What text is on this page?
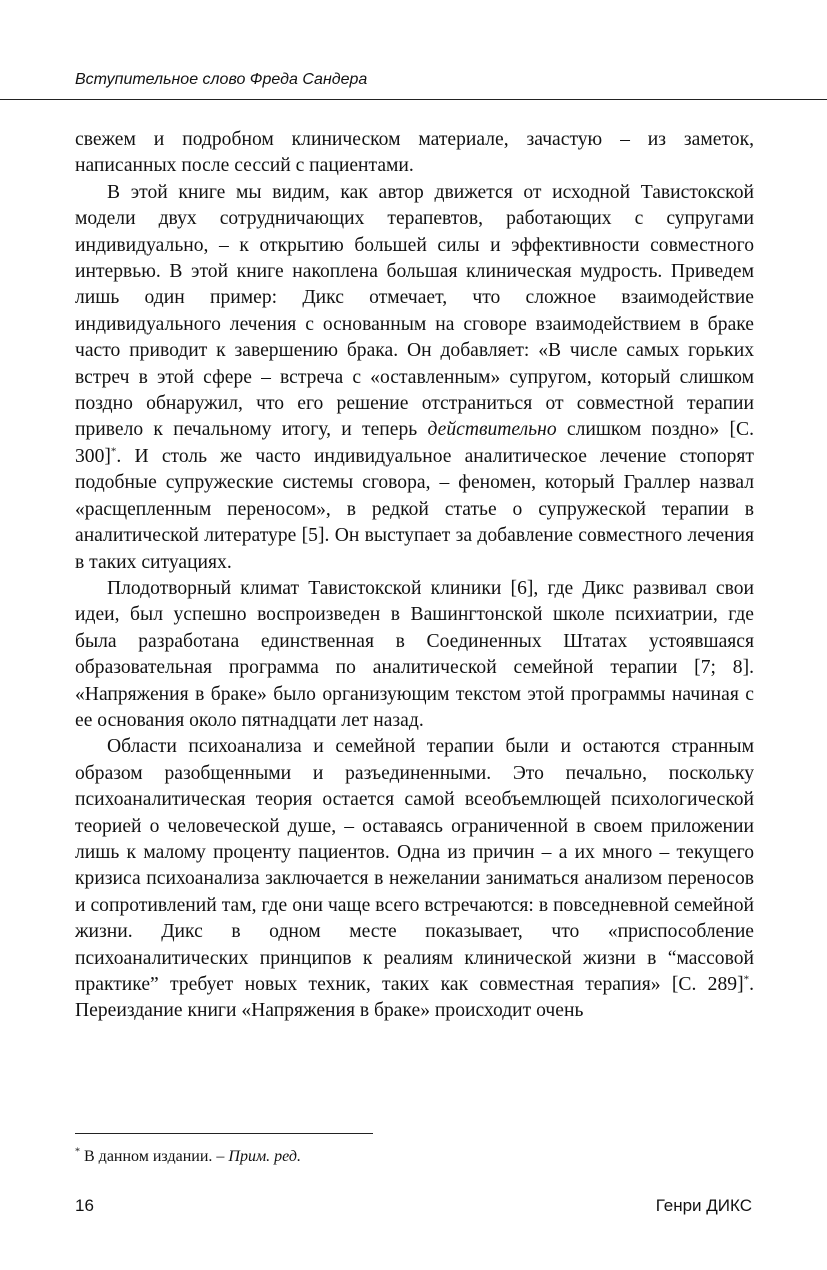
Вступительное слово Фреда Сандера

свежем и подробном клиническом материале, зачастую – из заметок, написанных после сессий с пациентами.

В этой книге мы видим, как автор движется от исходной Тавистокской модели двух сотрудничающих терапевтов, работающих с супругами индивидуально, – к открытию большей силы и эффективности совместного интервью. В этой книге накоплена большая клиническая мудрость. Приведем лишь один пример: Дикс отмечает, что сложное взаимодействие индивидуального лечения с основанным на сговоре взаимодействием в браке часто приводит к завершению брака. Он добавляет: «В числе самых горьких встреч в этой сфере – встреча с «оставленным» супругом, который слишком поздно обнаружил, что его решение отстраниться от совместной терапии привело к печальному итогу, и теперь действительно слишком поздно» [С. 300]*. И столь же часто индивидуальное аналитическое лечение стопорят подобные супружеские системы сговора, – феномен, который Граллер назвал «расщепленным переносом», в редкой статье о супружеской терапии в аналитической литературе [5]. Он выступает за добавление совместного лечения в таких ситуациях.

Плодотворный климат Тавистокской клиники [6], где Дикс развивал свои идеи, был успешно воспроизведен в Вашингтонской школе психиатрии, где была разработана единственная в Соединенных Штатах устоявшаяся образовательная программа по аналитической семейной терапии [7; 8]. «Напряжения в браке» было организующим текстом этой программы начиная с ее основания около пятнадцати лет назад.

Области психоанализа и семейной терапии были и остаются странным образом разобщенными и разъединенными. Это печально, поскольку психоаналитическая теория остается самой всеобъемлющей психологической теорией о человеческой душе, – оставаясь ограниченной в своем приложении лишь к малому проценту пациентов. Одна из причин – а их много – текущего кризиса психоанализа заключается в нежелании заниматься анализом переносов и сопротивлений там, где они чаще всего встречаются: в повседневной семейной жизни. Дикс в одном месте показывает, что «приспособление психоаналитических принципов к реалиям клинической жизни в “массовой практике” требует новых техник, таких как совместная терапия» [С. 289]*. Переиздание книги «Напряжения в браке» происходит очень

* В данном издании. – Прим. ред.
16	Генри ДИКС
